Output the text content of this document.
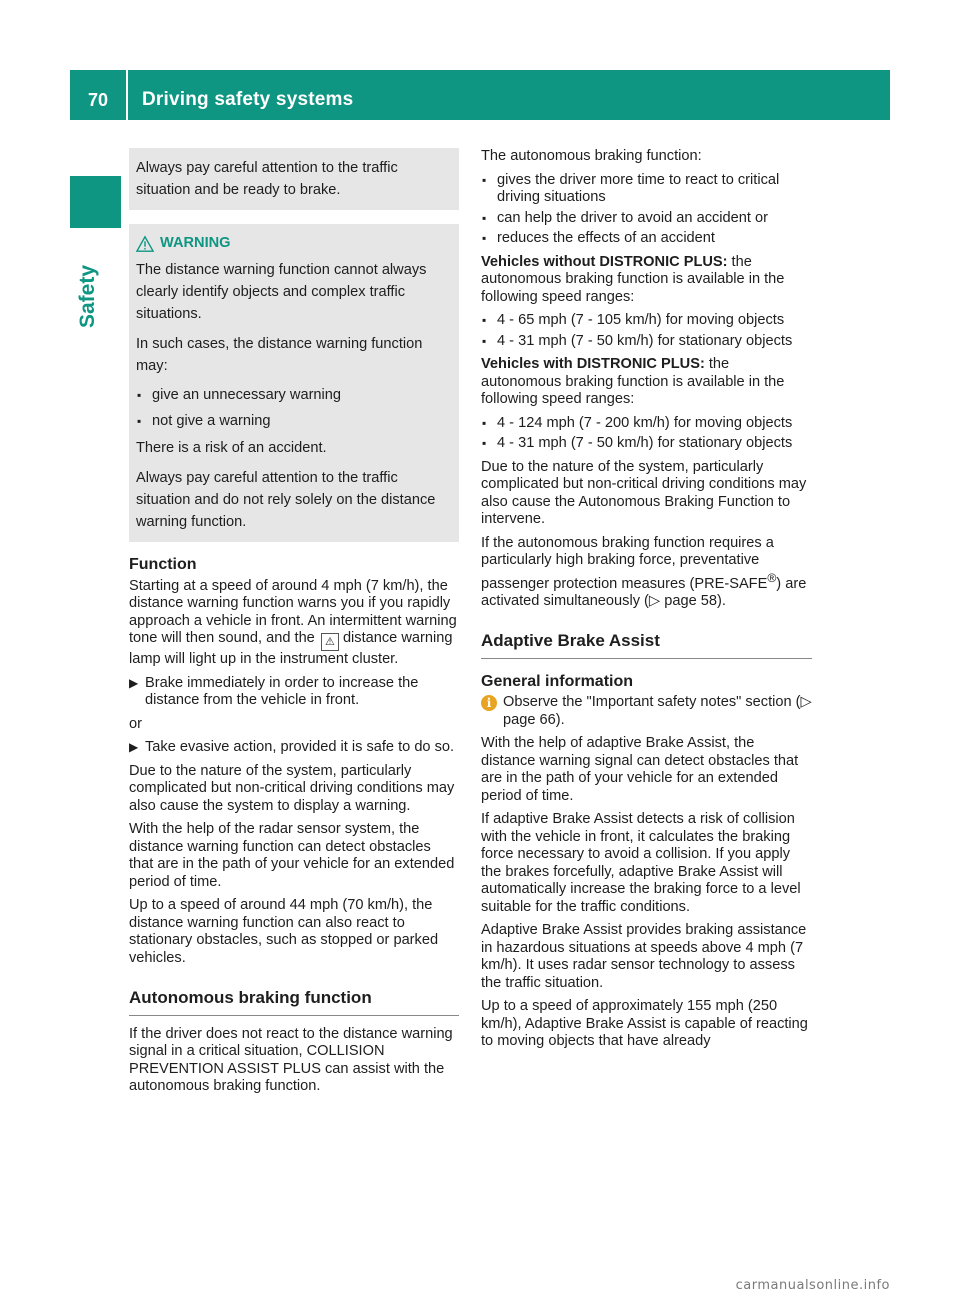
70	Driving safety systems
Safety

Always pay careful attention to the traffic situation and be ready to brake.

WARNING

The distance warning function cannot always clearly identify objects and complex traffic situations.

In such cases, the distance warning function may:

▪ give an unnecessary warning
▪ not give a warning

There is a risk of an accident.

Always pay careful attention to the traffic situation and do not rely solely on the distance warning function.

Function

Starting at a speed of around 4 mph (7 km/h), the distance warning function warns you if you rapidly approach a vehicle in front. An intermittent warning tone will then sound, and the ⚠ distance warning lamp will light up in the instrument cluster.

▶ Brake immediately in order to increase the distance from the vehicle in front.

or

▶ Take evasive action, provided it is safe to do so.

Due to the nature of the system, particularly complicated but non-critical driving conditions may also cause the system to display a warning.

With the help of the radar sensor system, the distance warning function can detect obstacles that are in the path of your vehicle for an extended period of time.

Up to a speed of around 44 mph (70 km/h), the distance warning function can also react to stationary obstacles, such as stopped or parked vehicles.

Autonomous braking function

If the driver does not react to the distance warning signal in a critical situation, COLLISION PREVENTION ASSIST PLUS can assist with the autonomous braking function.

The autonomous braking function:

▪ gives the driver more time to react to critical driving situations
▪ can help the driver to avoid an accident or
▪ reduces the effects of an accident

Vehicles without DISTRONIC PLUS: the autonomous braking function is available in the following speed ranges:

▪ 4 - 65 mph (7 - 105 km/h) for moving objects
▪ 4 - 31 mph (7 - 50 km/h) for stationary objects

Vehicles with DISTRONIC PLUS: the autonomous braking function is available in the following speed ranges:

▪ 4 - 124 mph (7 - 200 km/h) for moving objects
▪ 4 - 31 mph (7 - 50 km/h) for stationary objects

Due to the nature of the system, particularly complicated but non-critical driving conditions may also cause the Autonomous Braking Function to intervene.

If the autonomous braking function requires a particularly high braking force, preventative passenger protection measures (PRE-SAFE®) are activated simultaneously (▷ page 58).

Adaptive Brake Assist
General information
i Observe the "Important safety notes" section (▷ page 66).

With the help of adaptive Brake Assist, the distance warning signal can detect obstacles that are in the path of your vehicle for an extended period of time.

If adaptive Brake Assist detects a risk of collision with the vehicle in front, it calculates the braking force necessary to avoid a collision. If you apply the brakes forcefully, adaptive Brake Assist will automatically increase the braking force to a level suitable for the traffic conditions.

Adaptive Brake Assist provides braking assistance in hazardous situations at speeds above 4 mph (7 km/h). It uses radar sensor technology to assess the traffic situation.

Up to a speed of approximately 155 mph (250 km/h), Adaptive Brake Assist is capable of reacting to moving objects that have already

carmanualsonline.info
